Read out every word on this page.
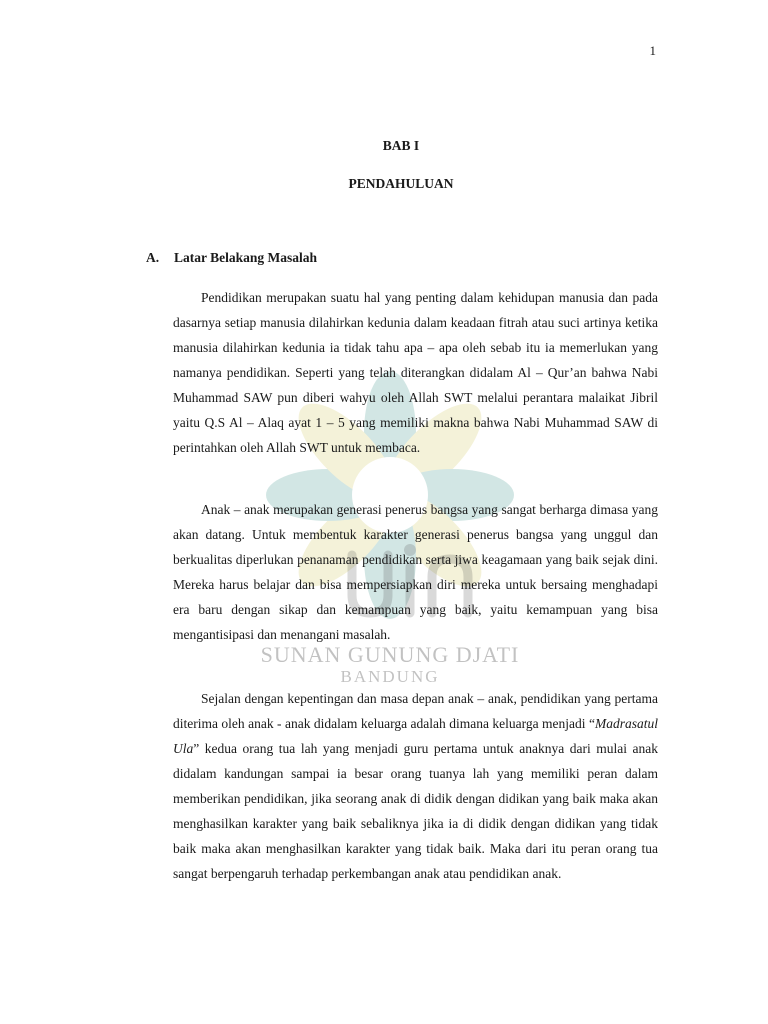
1
SUNAN GUNUNG DJATI
BANDUNG
BAB I
PENDAHULUAN
A. Latar Belakang Masalah

Pendidikan merupakan suatu hal yang penting dalam kehidupan manusia dan pada dasarnya setiap manusia dilahirkan kedunia dalam keadaan fitrah atau suci artinya ketika manusia dilahirkan kedunia ia tidak tahu apa – apa oleh sebab itu ia memerlukan yang namanya pendidikan. Seperti yang telah diterangkan didalam Al – Qur’an bahwa Nabi Muhammad SAW pun diberi wahyu oleh Allah SWT melalui perantara malaikat Jibril yaitu Q.S Al – Alaq ayat 1 – 5 yang memiliki makna bahwa Nabi Muhammad SAW di perintahkan oleh Allah SWT untuk membaca.

Anak – anak merupakan generasi penerus bangsa yang sangat berharga dimasa yang akan datang. Untuk membentuk karakter generasi penerus bangsa yang unggul dan berkualitas diperlukan penanaman pendidikan serta jiwa keagamaan yang baik sejak dini. Mereka harus belajar dan bisa mempersiapkan diri mereka untuk bersaing menghadapi era baru dengan sikap dan kemampuan yang baik, yaitu kemampuan yang bisa mengantisipasi dan menangani masalah.

Sejalan dengan kepentingan dan masa depan anak – anak, pendidikan yang pertama diterima oleh anak - anak didalam keluarga adalah dimana keluarga menjadi “Madrasatul Ula” kedua orang tua lah yang menjadi guru pertama untuk anaknya dari mulai anak didalam kandungan sampai ia besar orang tuanya lah yang memiliki peran dalam memberikan pendidikan, jika seorang anak di didik dengan didikan yang baik maka akan menghasilkan karakter yang baik sebaliknya jika ia di didik dengan didikan yang tidak baik maka akan menghasilkan karakter yang tidak baik. Maka dari itu peran orang tua sangat berpengaruh terhadap perkembangan anak atau pendidikan anak.
